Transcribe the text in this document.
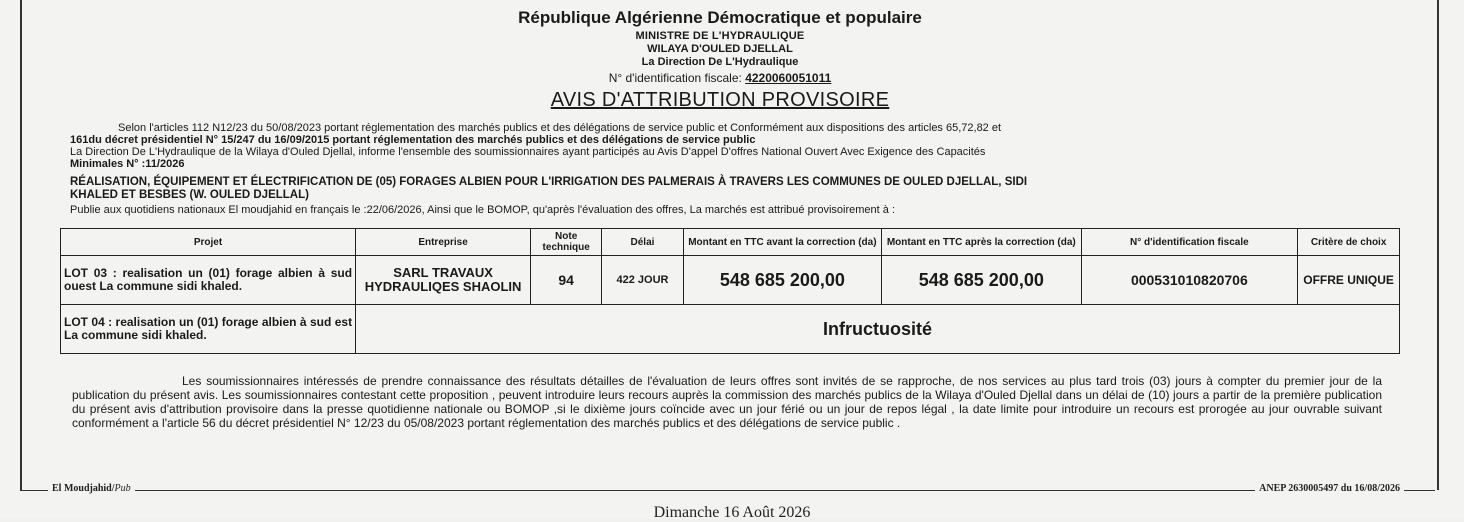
République Algérienne Démocratique et populaire
MINISTRE DE L'HYDRAULIQUE
WILAYA D'OULED DJELLAL
La Direction De L'Hydraulique
N° d'identification fiscale: 4220060051011
AVIS D'ATTRIBUTION PROVISOIRE
Selon l'articles 112 N12/23 du 50/08/2023 portant réglementation des marchés publics et des délégations de service public et Conformément aux dispositions des articles 65,72,82 et
161du décret présidentiel N° 15/247 du 16/09/2015 portant réglementation des marchés publics et des délégations de service public
La Direction De L'Hydraulique de la Wilaya d'Ouled Djellal, informe l'ensemble des soumissionnaires ayant participés au Avis D'appel D'offres National Ouvert Avec Exigence des Capacités
Minimales N° :11/2026
RÉALISATION, ÉQUIPEMENT ET ÉLECTRIFICATION DE (05) FORAGES ALBIEN POUR L'IRRIGATION DES PALMERAIS À TRAVERS LES COMMUNES DE OULED DJELLAL, SIDI
KHALED ET BESBES (W. OULED DJELLAL)
Publie aux quotidiens nationaux El moudjahid en français le :22/06/2026, Ainsi que le BOMOP, qu'après l'évaluation des offres, La marchés est attribué provisoirement à :
Projet	Entreprise	Note technique	Délai	Montant en TTC avant la correction (da)	Montant en TTC après la correction (da)	N° d'identification fiscale	Critère de choix
LOT 03 : realisation un (01) forage albien à sud ouest La commune sidi khaled.	SARL TRAVAUX HYDRAULIQES SHAOLIN	94	422 JOUR	548 685 200,00	548 685 200,00	000531010820706	OFFRE UNIQUE
LOT 04 : realisation un (01) forage albien à sud est La commune sidi khaled.	Infructuosité						
Les soumissionnaires intéressés de prendre connaissance des résultats détailles de l'évaluation de leurs offres sont invités de se rapproche, de nos services au plus tard trois (03) jours à compter du premier jour de la publication du présent avis. Les soumissionnaires contestant cette proposition , peuvent introduire leurs recours auprès la commission des marchés publics de la Wilaya d'Ouled Djellal dans un délai de (10) jours a partir de la première publication du présent avis d'attribution provisoire dans la presse quotidienne nationale ou BOMOP ,si le dixième jours coïncide avec un jour férié ou un jour de repos légal , la date limite pour introduire un recours est prorogée au jour ouvrable suivant conformément a l'article 56 du décret présidentiel N° 12/23 du 05/08/2023 portant réglementation des marchés publics et des délégations de service public .
El Moudjahid/Pub	ANEP 2630005497 du 16/08/2026
Dimanche 16 Août 2026
